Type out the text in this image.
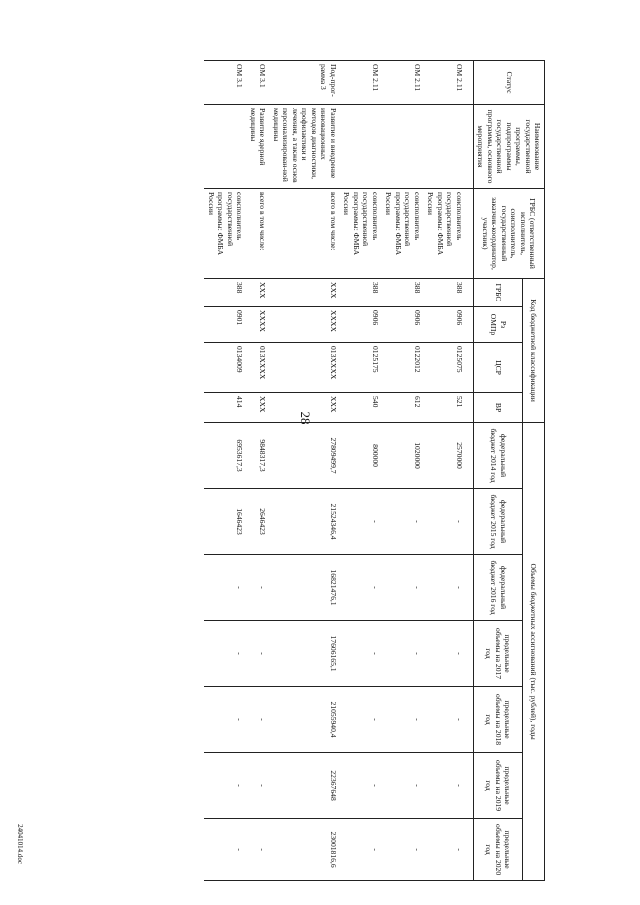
28
24041014.doc
Статус	Наименование государственной программы, подпрограммы государственной программы, основного мероприятия	ГРБС (ответственный исполнитель, соисполнитель, государственный заказчик-координатор, участник)	Код бюджетной классификации				Объемы бюджетных ассигнований (тыс. рублей), годы						
			ГРБС	Рз ОМПр	ЦСР	ВР	федеральный бюджет 2014 год	федеральный бюджет 2015 год	федеральный бюджет 2016 год	предельные объемы на 2017 год	предельные объемы на 2018 год	предельные объемы на 2019 год	предельные объемы на 2020 год
ОМ 2.11		соисполнитель государственной программы: ФМБА России	388	0906	0125075	521	2570000	-	-	-	-	-	-
ОМ 2.11		соисполнитель государственной программы: ФМБА России	388	0906	0122012	612	1020000	-	-	-	-	-	-
ОМ 2.11		соисполнитель государственной программы: ФМБА России	388	0906	0125175	540	800000	-	-	-	-	-	-
Под-прог-рамма 3	Развитие и внедрение инновационных методов диагностики, профилактики и лечения, а также основ персонализирован-ной медицины	всего в том числе:	ХХХ	ХХХХ	013ХХХХ	ХХХ	27809499,7	21524346,4	16821476,1	17606165,1	21055940,4	22367648	23001816,6
ОМ 3.1	Развитие ядерной медицины	всего в том числе:	ХХХ	ХХХХ	013ХХХХ	ХХХ	9848317,3	2646423	-	-	-	-	-
ОМ 3.1		соисполнитель государственной программы: ФМБА России	388	0901	0134009	414	6953617,3	1646423	-	-	-	-	-
